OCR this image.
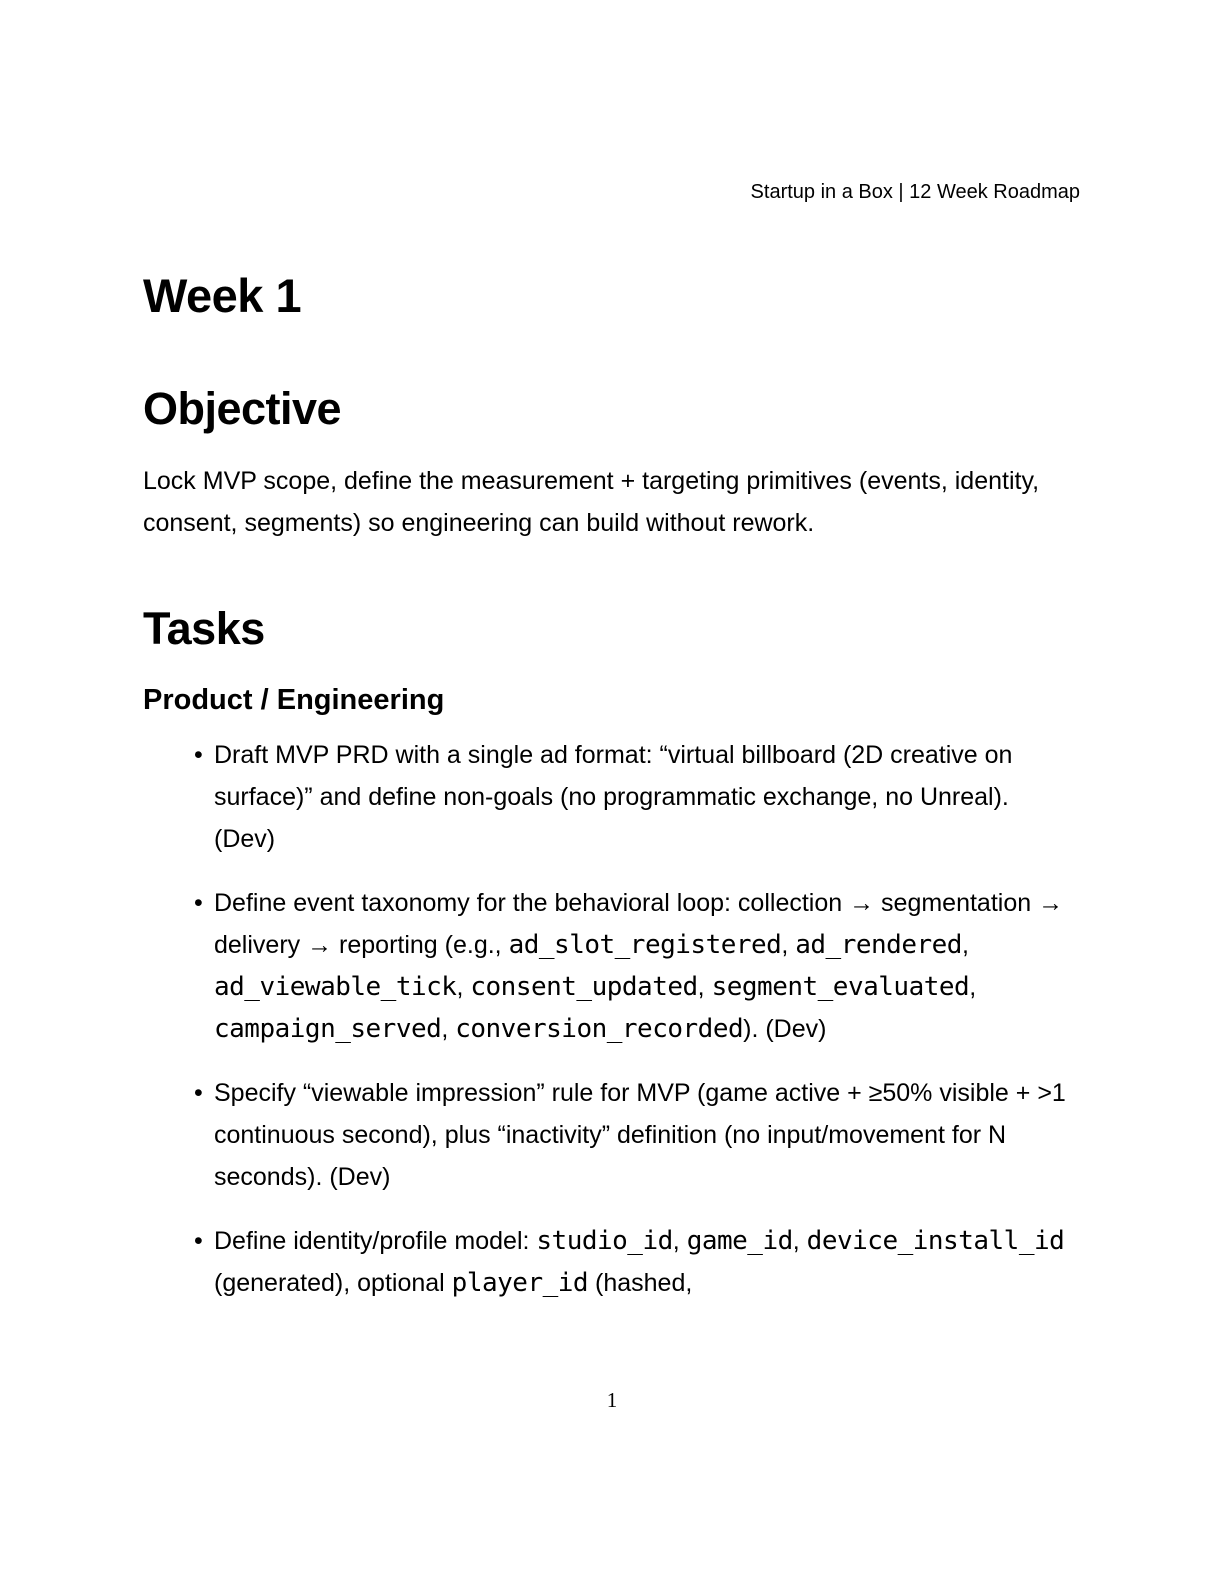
Startup in a Box | 12 Week Roadmap
Week 1
Objective

Lock MVP scope, define the measurement + targeting primitives (events, identity, consent, segments) so engineering can build without rework.

Tasks
Product / Engineering
• Draft MVP PRD with a single ad format: “virtual billboard (2D creative on surface)” and define non-goals (no programmatic exchange, no Unreal). (Dev)
• Define event taxonomy for the behavioral loop: collection → segmentation → delivery → reporting (e.g., ad_slot_registered, ad_rendered, ad_viewable_tick, consent_updated, segment_evaluated, campaign_served, conversion_recorded). (Dev)
• Specify “viewable impression” rule for MVP (game active + ≥50% visible + >1 continuous second), plus “inactivity” definition (no input/movement for N seconds). (Dev)
• Define identity/profile model: studio_id, game_id, device_install_id (generated), optional player_id (hashed,
1
